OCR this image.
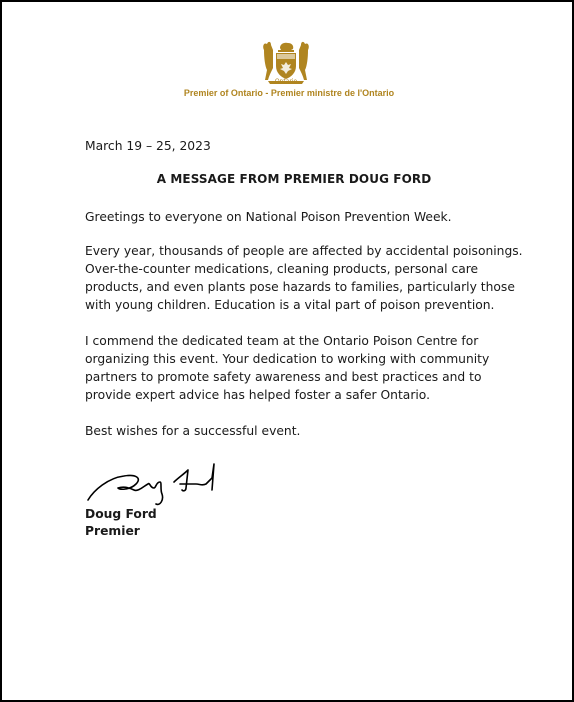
Ontario
Premier of Ontario - Premier ministre de l'Ontario

March 19 – 25, 2023

A MESSAGE FROM PREMIER DOUG FORD

Greetings to everyone on National Poison Prevention Week.

Every year, thousands of people are affected by accidental poisonings. Over-the-counter medications, cleaning products, personal care products, and even plants pose hazards to families, particularly those with young children. Education is a vital part of poison prevention.

I commend the dedicated team at the Ontario Poison Centre for organizing this event. Your dedication to working with community partners to promote safety awareness and best practices and to provide expert advice has helped foster a safer Ontario.

Best wishes for a successful event.

Doug Ford
Premier
